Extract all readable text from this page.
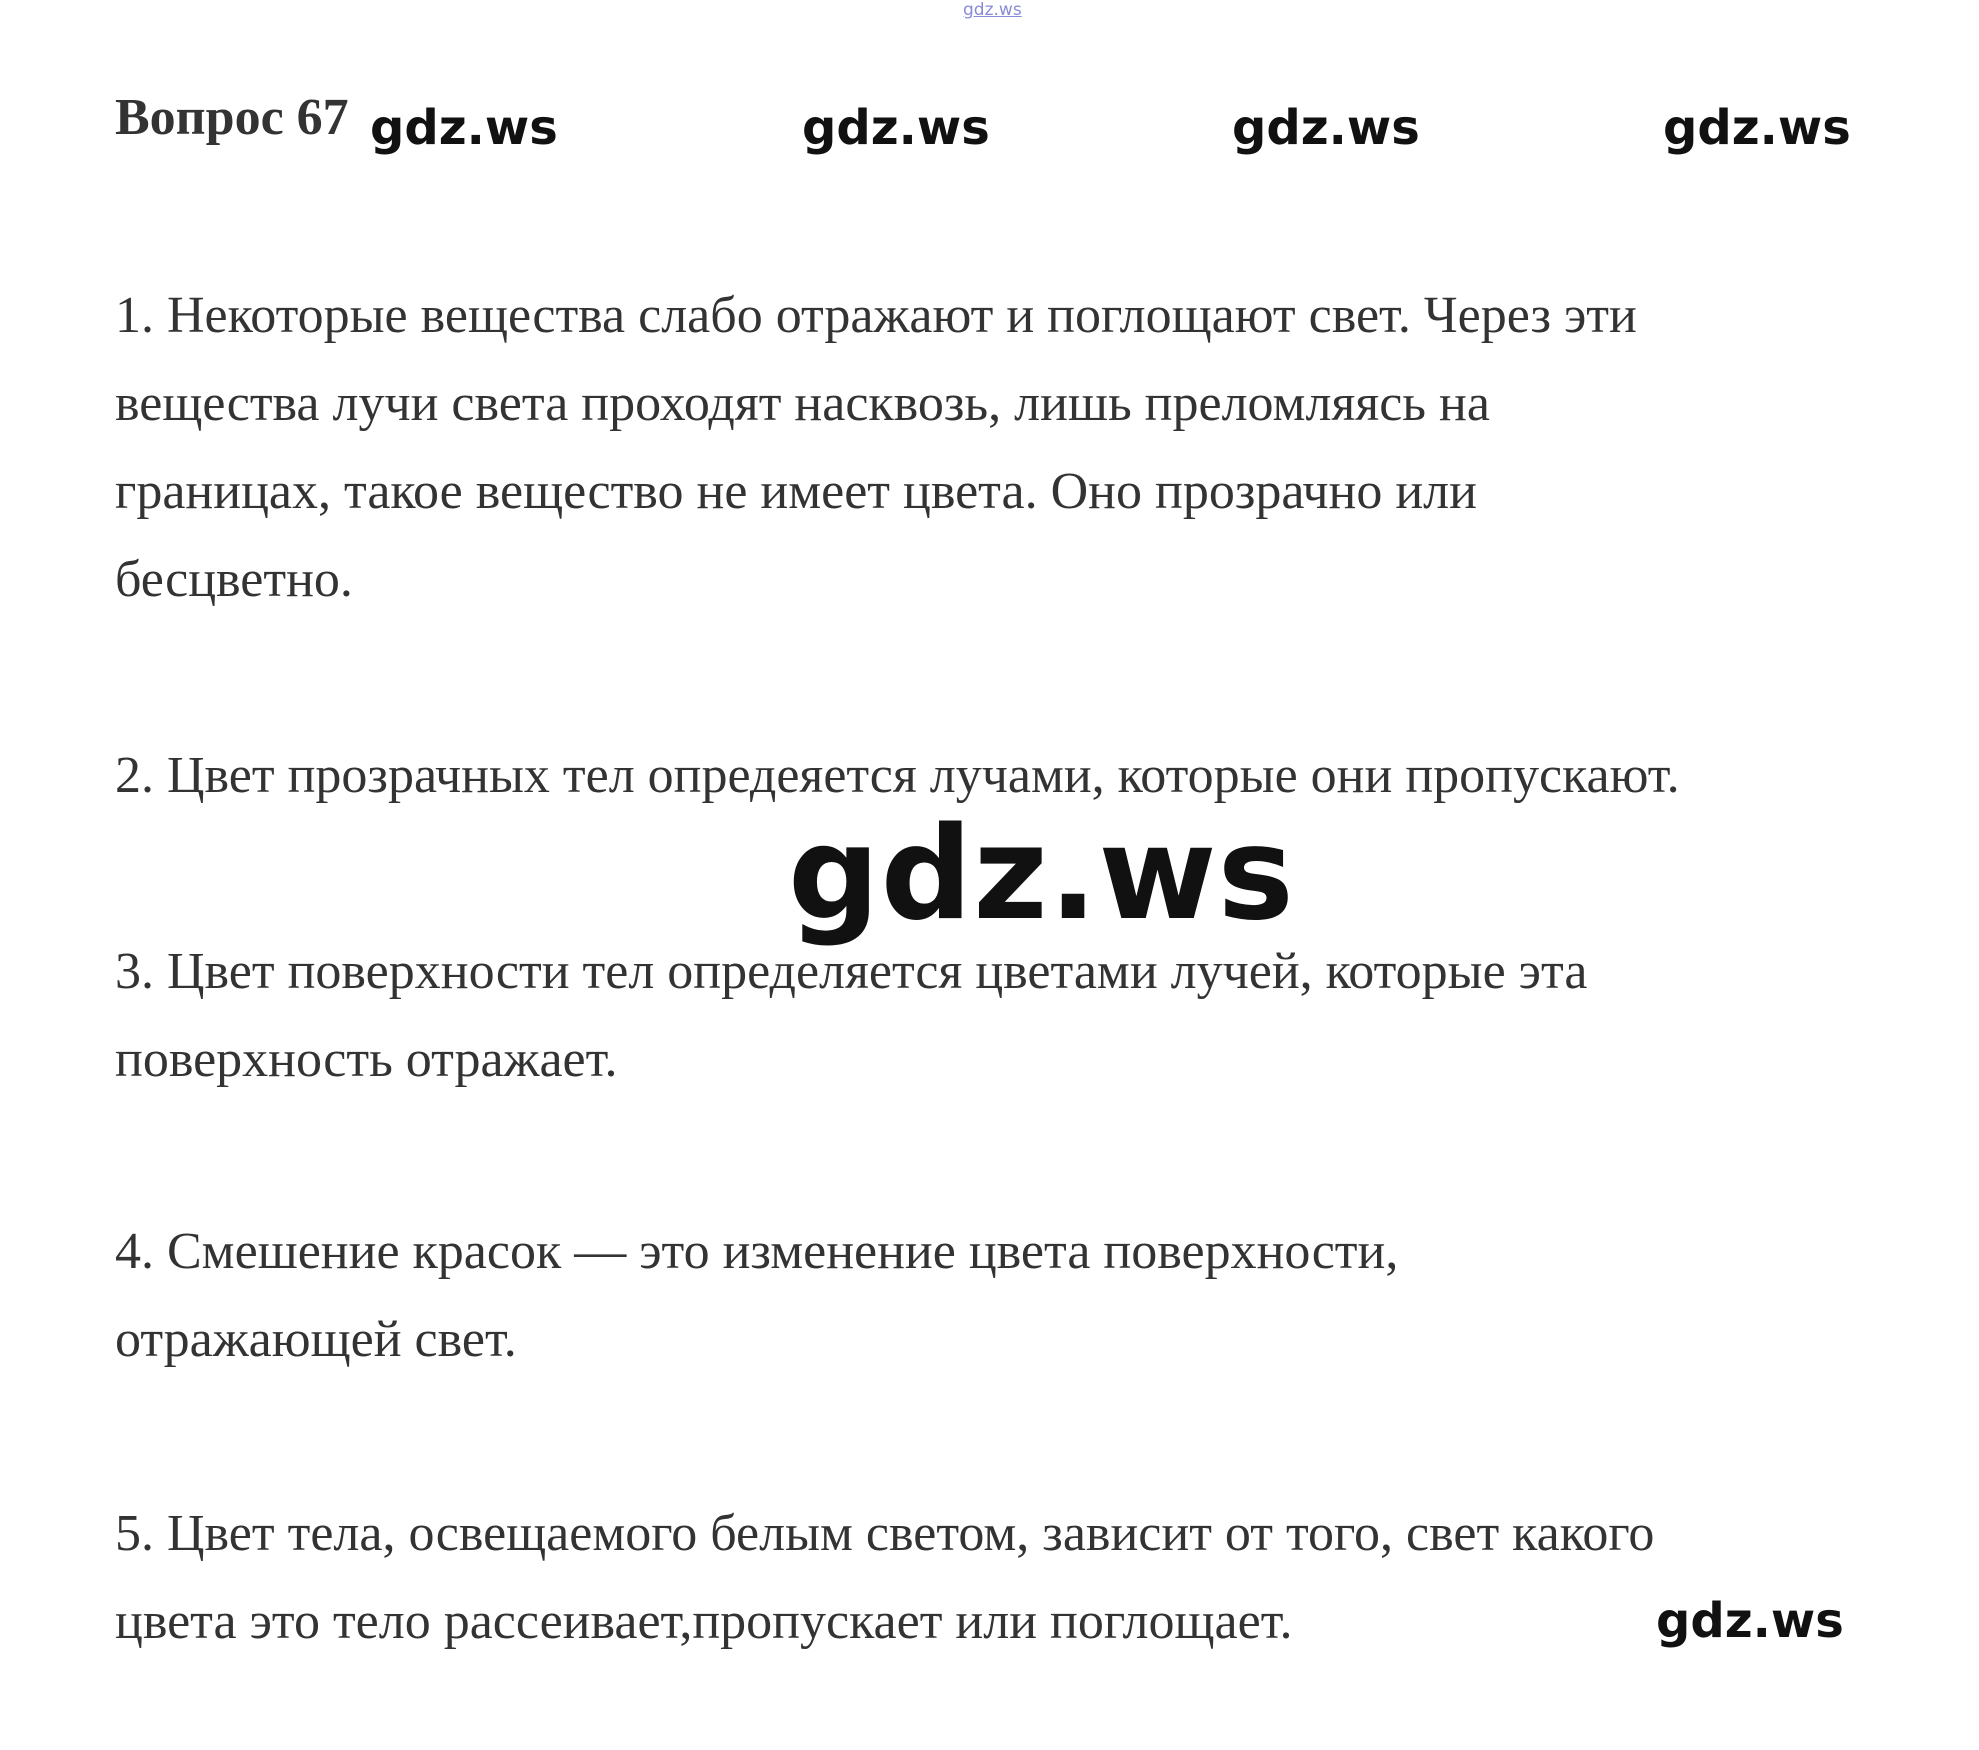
gdz.ws
Вопрос 67 gdz.ws	gdz.ws	gdz.ws	gdz.ws

1. Некоторые вещества слабо отражают и поглощают свет. Через эти

вещества лучи света проходят насквозь, лишь преломляясь на

границах, такое вещество не имеет цвета. Оно прозрачно или

бесцветно.

2. Цвет прозрачных тел опредеяется лучами, которые они пропускают.

gdz.ws

3. Цвет поверхности тел определяется цветами лучей, которые эта

поверхность отражает.

4. Смешение красок — это изменение цвета поверхности,

отражающей свет.

5. Цвет тела, освещаемого белым светом, зависит от того, свет какого

цвета это тело рассеивает,пропускает или поглощает.	gdz.ws
